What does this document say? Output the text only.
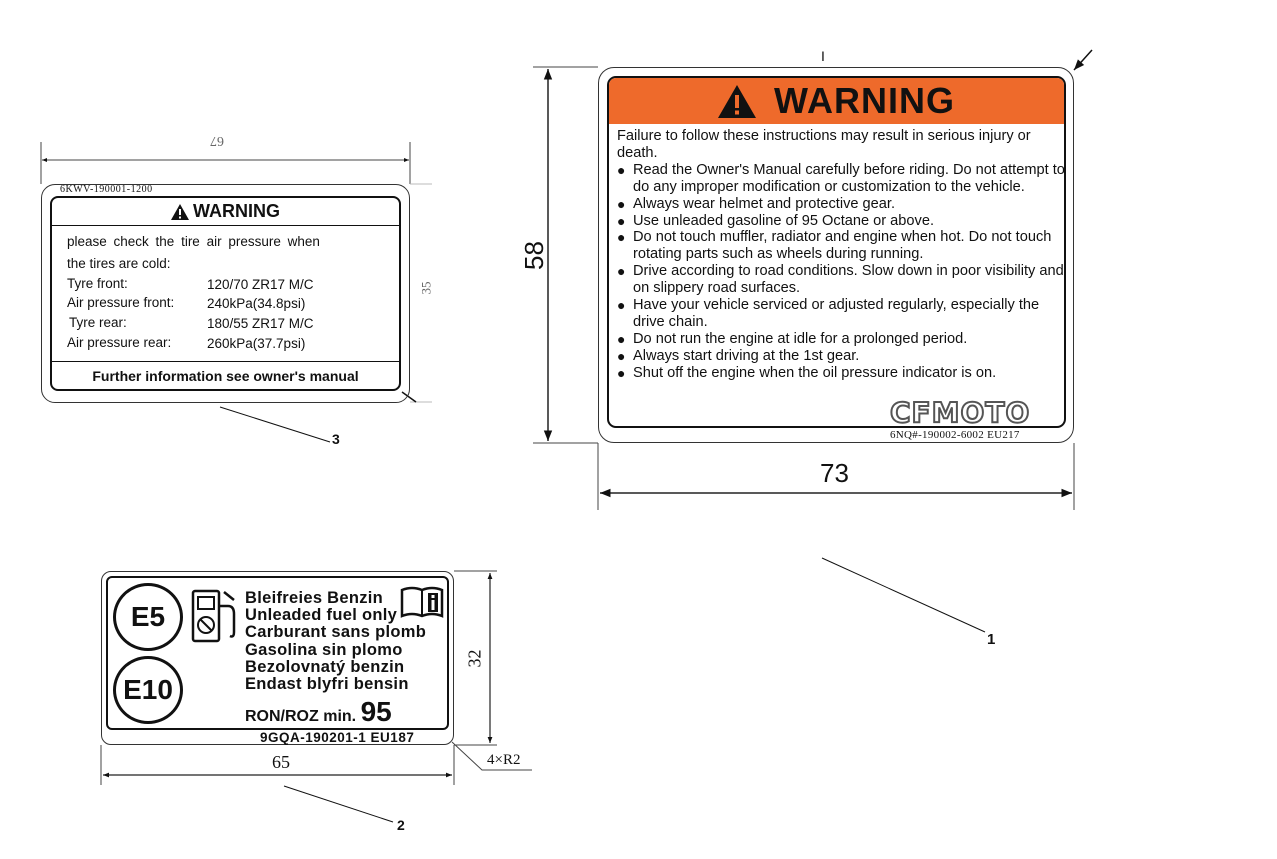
6KWV-190001-1200
WARNING
please check the tire air pressure when
the tires are cold:
Tyre front:	120/70 ZR17 M/C
Air pressure front: 240kPa(34.8psi)
Tyre rear:	180/55 ZR17 M/C
Air pressure rear:	260kPa(37.7psi)
Further information see owner's manual
67
35
3
I
WARNING
Failure to follow these instructions may result in serious injury or death.
● Read the Owner's Manual carefully before riding. Do not attempt to do any improper modification or customization to the vehicle.
● Always wear helmet and protective gear.
● Use unleaded gasoline of 95 Octane or above.
● Do not touch muffler, radiator and engine when hot. Do not touch rotating parts such as wheels during running.
● Drive according to road conditions. Slow down in poor visibility and on slippery road surfaces.
● Have your vehicle serviced or adjusted regularly, especially the drive chain.
● Do not run the engine at idle for a prolonged period.
● Always start driving at the 1st gear.
● Shut off the engine when the oil pressure indicator is on.
CFMOTO
6NQ#-190002-6002 EU217
58
73
1
E5
E10
Bleifreies Benzin
Unleaded fuel only
Carburant sans plomb
Gasolina sin plomo
Bezolovnatý benzin
Endast blyfri bensin
RON/ROZ min. 95
9GQA-190201-1 EU187
32
65	4×R2
2
